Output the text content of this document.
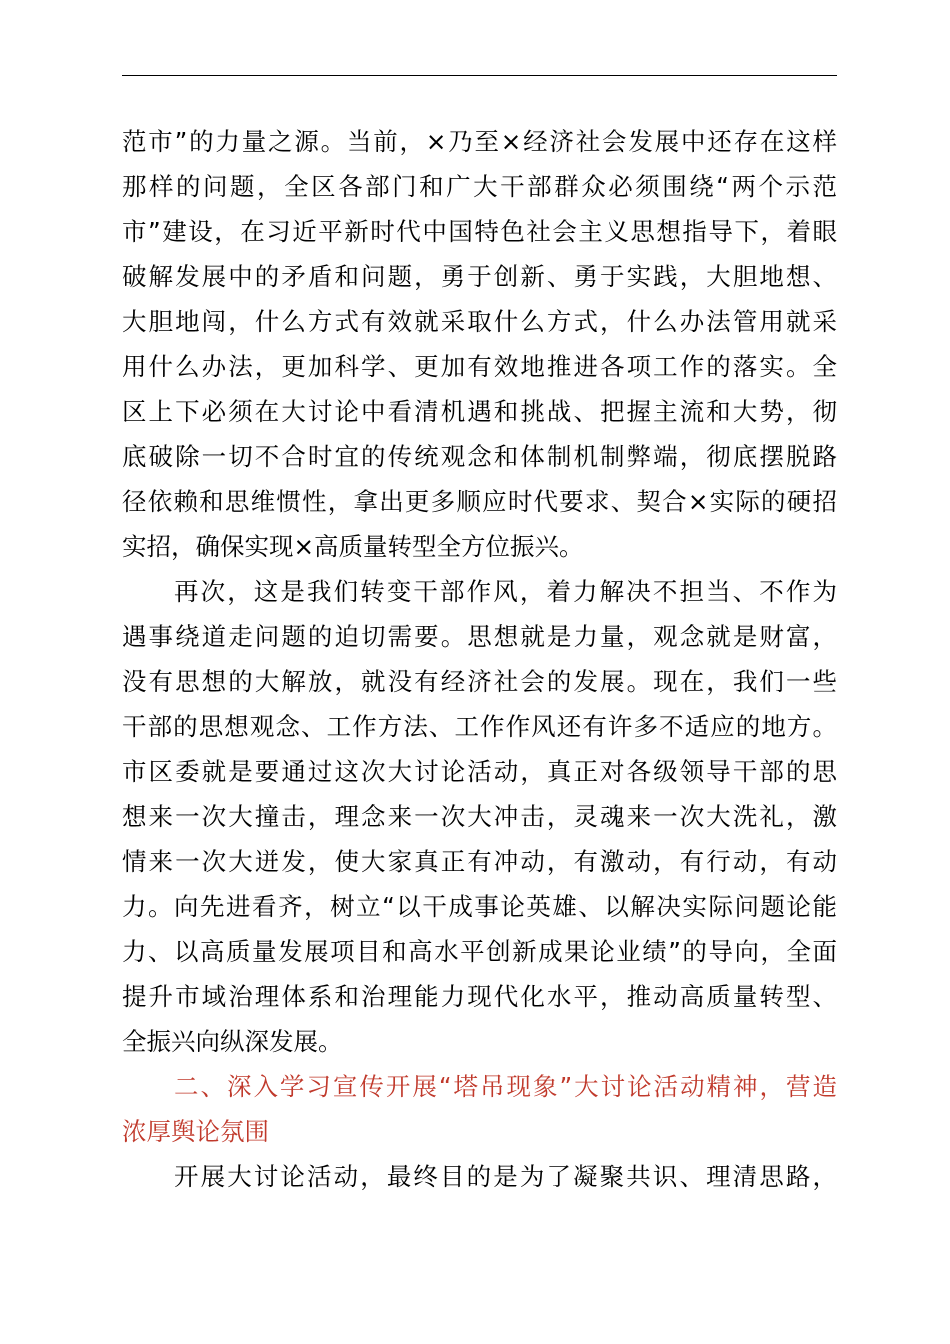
范市”的力量之源。当前，×乃至×经济社会发展中还存在这样
那样的问题，全区各部门和广大干部群众必须围绕“两个示范
市”建设，在习近平新时代中国特色社会主义思想指导下，着眼
破解发展中的矛盾和问题，勇于创新、勇于实践，大胆地想、
大胆地闯，什么方式有效就采取什么方式，什么办法管用就采
用什么办法，更加科学、更加有效地推进各项工作的落实。全
区上下必须在大讨论中看清机遇和挑战、把握主流和大势，彻
底破除一切不合时宜的传统观念和体制机制弊端，彻底摆脱路
径依赖和思维惯性，拿出更多顺应时代要求、契合×实际的硬招
实招，确保实现×高质量转型全方位振兴。
再次，这是我们转变干部作风，着力解决不担当、不作为
遇事绕道走问题的迫切需要。思想就是力量，观念就是财富，
没有思想的大解放，就没有经济社会的发展。现在，我们一些
干部的思想观念、工作方法、工作作风还有许多不适应的地方。
市区委就是要通过这次大讨论活动，真正对各级领导干部的思
想来一次大撞击，理念来一次大冲击，灵魂来一次大洗礼，激
情来一次大迸发，使大家真正有冲动，有激动，有行动，有动
力。向先进看齐，树立“以干成事论英雄、以解决实际问题论能
力、以高质量发展项目和高水平创新成果论业绩”的导向，全面
提升市域治理体系和治理能力现代化水平，推动高质量转型、
全振兴向纵深发展。
二、深入学习宣传开展“塔吊现象”大讨论活动精神，营造
浓厚舆论氛围
开展大讨论活动，最终目的是为了凝聚共识、理清思路，
